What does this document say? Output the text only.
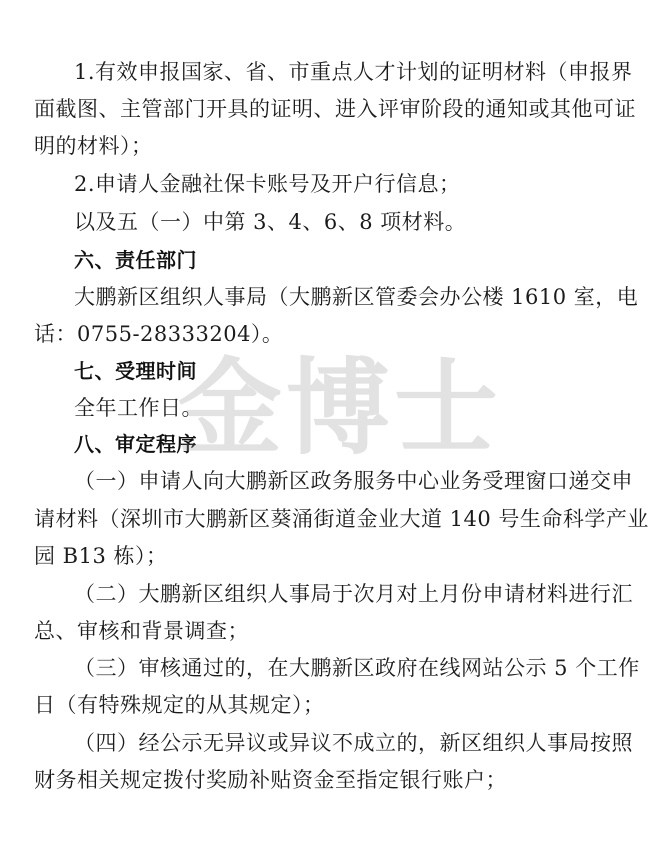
1.有效申报国家、省、市重点人才计划的证明材料（申报界
面截图、主管部门开具的证明、进入评审阶段的通知或其他可证
明的材料）；
2.申请人金融社保卡账号及开户行信息；
以及五（一）中第 3、4、6、8 项材料。
六、责任部门
大鹏新区组织人事局（大鹏新区管委会办公楼 1610 室，电
话：0755-28333204）。
七、受理时间
全年工作日。
八、审定程序
（一）申请人向大鹏新区政务服务中心业务受理窗口递交申
请材料（深圳市大鹏新区葵涌街道金业大道 140 号生命科学产业
园 B13 栋）；
（二）大鹏新区组织人事局于次月对上月份申请材料进行汇
总、审核和背景调查；
（三）审核通过的，在大鹏新区政府在线网站公示 5 个工作
日（有特殊规定的从其规定）；
（四）经公示无异议或异议不成立的，新区组织人事局按照
财务相关规定拨付奖励补贴资金至指定银行账户；
金博士
